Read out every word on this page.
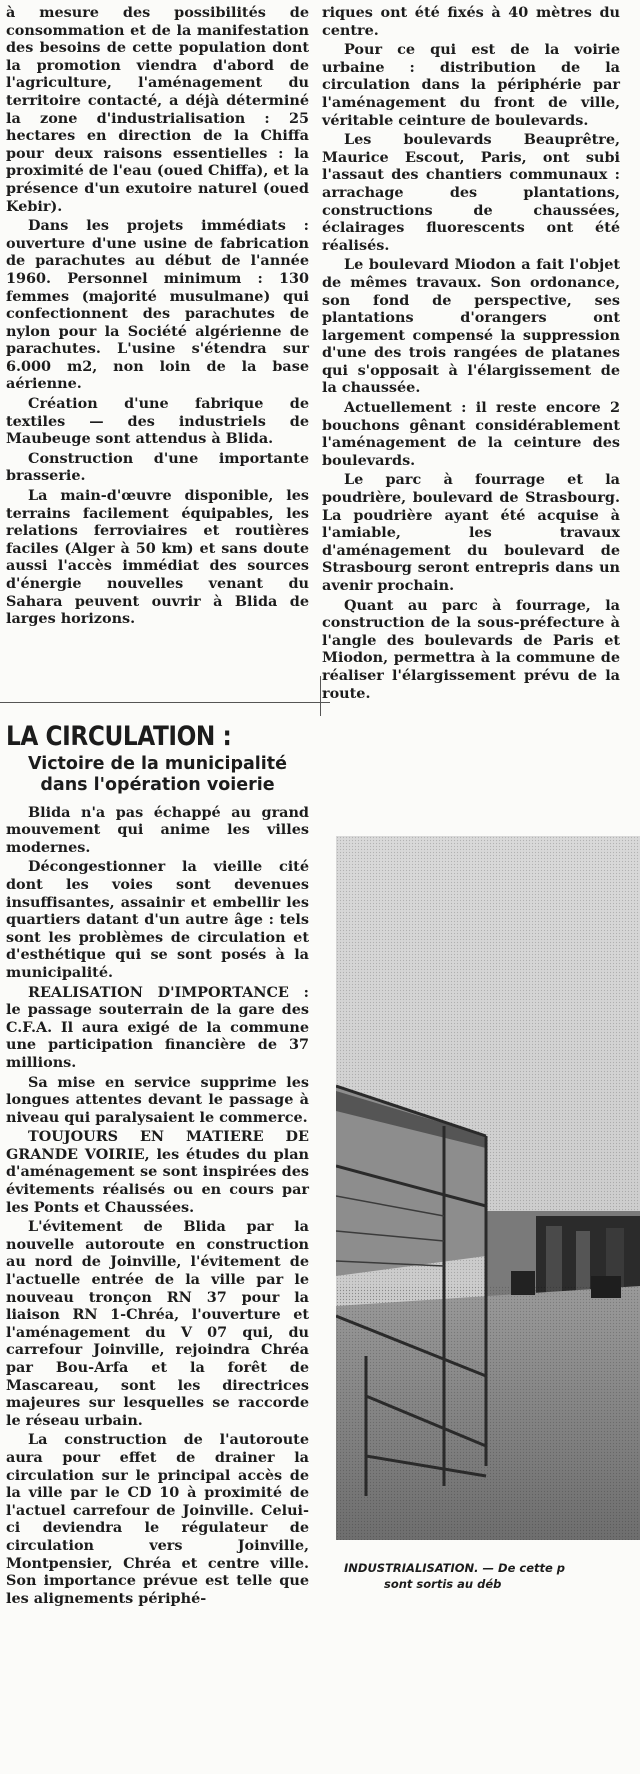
à mesure des possibilités de consommation et de la manifestation des besoins de cette population dont la promotion viendra d'abord de l'agriculture, l'aménagement du territoire contacté, a déjà déterminé la zone d'industrialisation : 25 hectares en direction de la Chiffa pour deux raisons essentielles : la proximité de l'eau (oued Chiffa), et la présence d'un exutoire naturel (oued Kebir).

Dans les projets immédiats : ouverture d'une usine de fabrication de parachutes au début de l'année 1960. Personnel minimum : 130 femmes (majorité musulmane) qui confectionnent des parachutes de nylon pour la Société algérienne de parachutes. L'usine s'étendra sur 6.000 m2, non loin de la base aérienne.

Création d'une fabrique de textiles — des industriels de Maubeuge sont attendus à Blida.

Construction d'une importante brasserie.

La main-d'œuvre disponible, les terrains facilement équipables, les relations ferroviaires et routières faciles (Alger à 50 km) et sans doute aussi l'accès immédiat des sources d'énergie nouvelles venant du Sahara peuvent ouvrir à Blida de larges horizons.

riques ont été fixés à 40 mètres du centre.

Pour ce qui est de la voirie urbaine : distribution de la circulation dans la périphérie par l'aménagement du front de ville, véritable ceinture de boulevards.

Les boulevards Beauprêtre, Maurice Escout, Paris, ont subi l'assaut des chantiers communaux : arrachage des plantations, constructions de chaussées, éclairages fluorescents ont été réalisés.

Le boulevard Miodon a fait l'objet de mêmes travaux. Son ordonance, son fond de perspective, ses plantations d'orangers ont largement compensé la suppression d'une des trois rangées de platanes qui s'opposait à l'élargissement de la chaussée.

Actuellement : il reste encore 2 bouchons gênant considérablement l'aménagement de la ceinture des boulevards.

Le parc à fourrage et la poudrière, boulevard de Strasbourg. La poudrière ayant été acquise à l'amiable, les travaux d'aménagement du boulevard de Strasbourg seront entrepris dans un avenir prochain.

Quant au parc à fourrage, la construction de la sous-préfecture à l'angle des boulevards de Paris et Miodon, permettra à la commune de réaliser l'élargissement prévu de la route.

LA CIRCULATION :
Victoire de la municipalité dans l'opération voierie

Blida n'a pas échappé au grand mouvement qui anime les villes modernes.

Décongestionner la vieille cité dont les voies sont devenues insuffisantes, assainir et embellir les quartiers datant d'un autre âge : tels sont les problèmes de circulation et d'esthétique qui se sont posés à la municipalité.

REALISATION D'IMPORTANCE : le passage souterrain de la gare des C.F.A. Il aura exigé de la commune une participation financière de 37 millions.

Sa mise en service supprime les longues attentes devant le passage à niveau qui paralysaient le commerce.

TOUJOURS EN MATIERE DE GRANDE VOIRIE, les études du plan d'aménagement se sont inspirées des évitements réalisés ou en cours par les Ponts et Chaussées.

L'évitement de Blida par la nouvelle autoroute en construction au nord de Joinville, l'évitement de l'actuelle entrée de la ville par le nouveau tronçon RN 37 pour la liaison RN 1-Chréa, l'ouverture et l'aménagement du V 07 qui, du carrefour Joinville, rejoindra Chréa par Bou-Arfa et la forêt de Mascareau, sont les directrices majeures sur lesquelles se raccorde le réseau urbain.

La construction de l'autoroute aura pour effet de drainer la circulation sur le principal accès de la ville par le CD 10 à proximité de l'actuel carrefour de Joinville. Celui-ci deviendra le régulateur de circulation vers Joinville, Montpensier, Chréa et centre ville. Son importance prévue est telle que les alignements périphé-

INDUSTRIALISATION. — De cette p
sont sortis au déb
